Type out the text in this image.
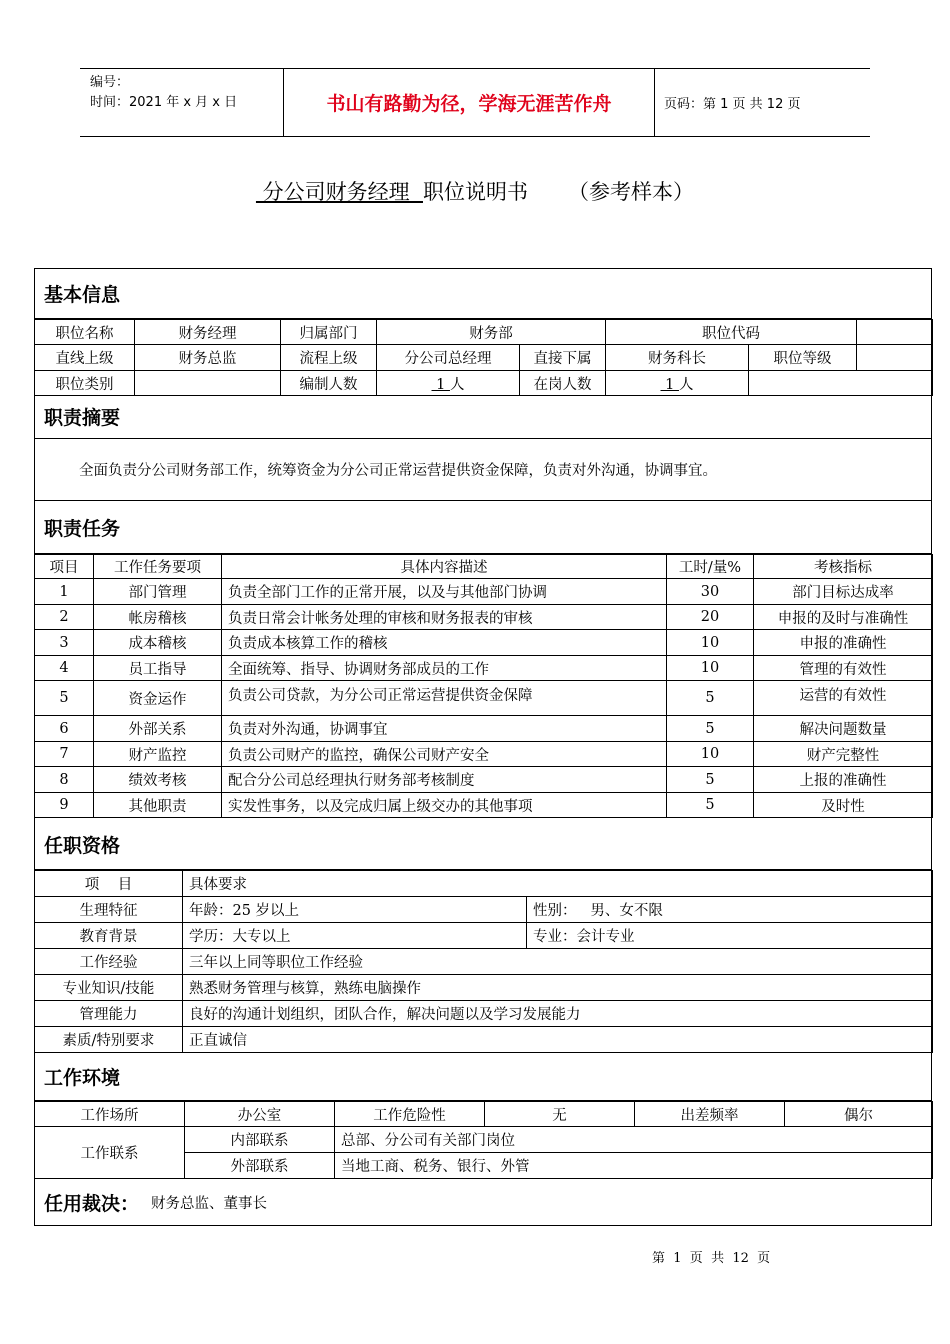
编号：
时间：2021 年 x 月 x 日	书山有路勤为径，学海无涯苦作舟	页码：第 1 页 共 12 页
分公司财务经理  职位说明书 （参考样本）
基本信息
职位名称	财务经理	归属部门	财务部		职位代码		
直线上级	财务总监	流程上级	分公司总经理	直接下属	财务科长	职位等级	
职位类别		编制人数	1 人	在岗人数	1 人		
职责摘要
全面负责分公司财务部工作，统筹资金为分公司正常运营提供资金保障，负责对外沟通，协调事宜。
职责任务
项目	工作任务要项	具体内容描述	工时/量%	考核指标
1	部门管理	负责全部门工作的正常开展，以及与其他部门协调	30	部门目标达成率
2	帐房稽核	负责日常会计帐务处理的审核和财务报表的审核	20	申报的及时与准确性
3	成本稽核	负责成本核算工作的稽核	10	申报的准确性
4	员工指导	全面统筹、指导、协调财务部成员的工作	10	管理的有效性
5	资金运作	负责公司贷款，为分公司正常运营提供资金保障	5	运营的有效性
6	外部关系	负责对外沟通，协调事宜	5	解决问题数量
7	财产监控	负责公司财产的监控，确保公司财产安全	10	财产完整性
8	绩效考核	配合分公司总经理执行财务部考核制度	5	上报的准确性
9	其他职责	实发性事务，以及完成归属上级交办的其他事项	5	及时性
任职资格
项    目	具体要求	
生理特征	年龄：25 岁以上	性别：   男、女不限
教育背景	学历：大专以上	专业：会计专业
工作经验	三年以上同等职位工作经验	
专业知识/技能	熟悉财务管理与核算，熟练电脑操作	
管理能力	良好的沟通计划组织，团队合作，解决问题以及学习发展能力	
素质/特别要求	正直诚信	
工作环境
工作场所	办公室	工作危险性	无	出差频率	偶尔
工作联系	内部联系	总部、分公司有关部门岗位			
	外部联系	当地工商、税务、银行、外管			
任用裁决： 财务总监、董事长
第  1  页  共  12  页
